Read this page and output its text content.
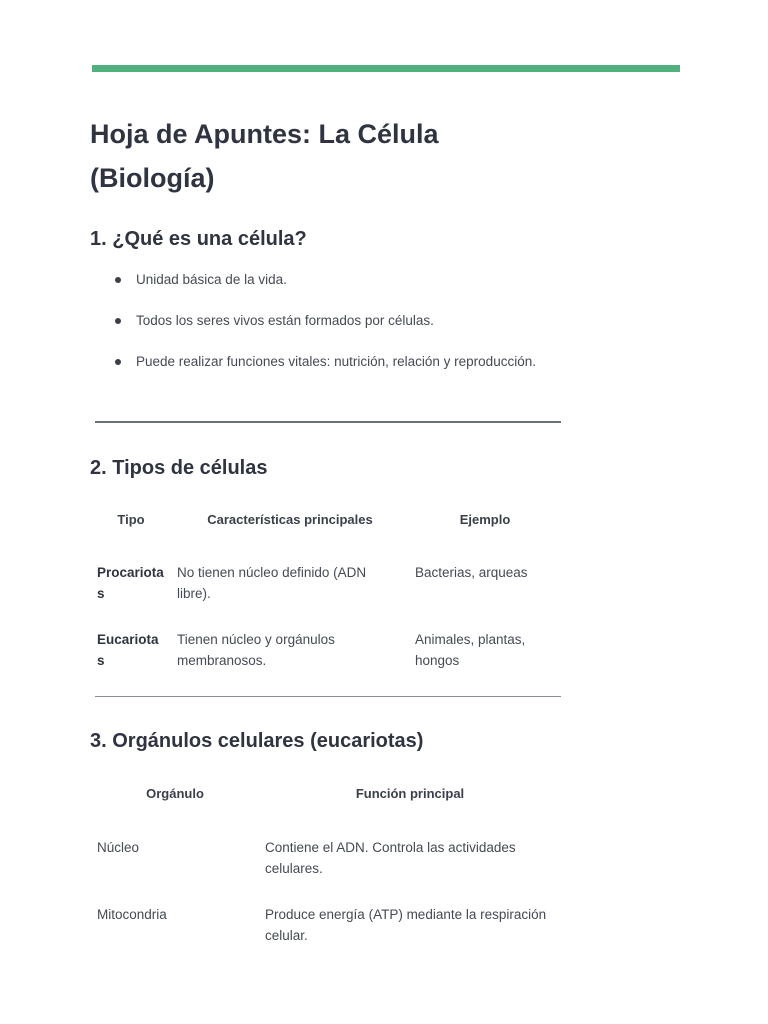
Hoja de Apuntes: La Célula (Biología)
1. ¿Qué es una célula?
Unidad básica de la vida.
Todos los seres vivos están formados por células.
Puede realizar funciones vitales: nutrición, relación y reproducción.
2. Tipos de células
Tipo	Características principales	Ejemplo
Procariotas	No tienen núcleo definido (ADN libre).	Bacterias, arqueas
Eucariotas	Tienen núcleo y orgánulos membranosos.	Animales, plantas, hongos
3. Orgánulos celulares (eucariotas)
Orgánulo	Función principal
Núcleo	Contiene el ADN. Controla las actividades celulares.
Mitocondria	Produce energía (ATP) mediante la respiración celular.
